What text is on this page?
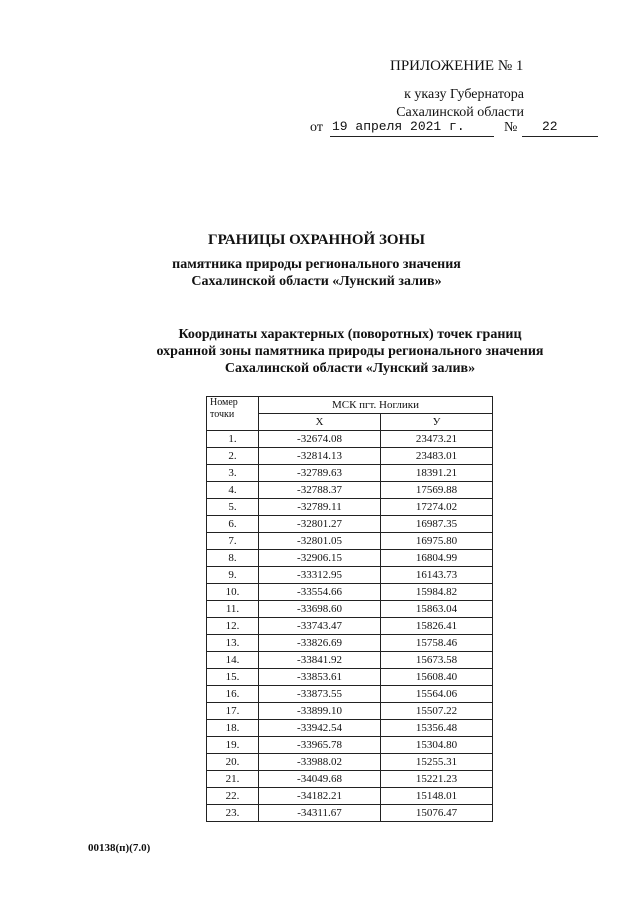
ПРИЛОЖЕНИЕ № 1
к указу Губернатора
Сахалинской области
от 19 апреля 2021 г.	№ 22
ГРАНИЦЫ ОХРАННОЙ ЗОНЫ
памятника природы регионального значения
Сахалинской области «Лунский залив»
Координаты характерных (поворотных) точек границ
охранной зоны памятника природы регионального значения
Сахалинской области «Лунский залив»
Номер
точки	МСК пгт. Ноглики	
	X	У
1.	-32674.08	23473.21
2.	-32814.13	23483.01
3.	-32789.63	18391.21
4.	-32788.37	17569.88
5.	-32789.11	17274.02
6.	-32801.27	16987.35
7.	-32801.05	16975.80
8.	-32906.15	16804.99
9.	-33312.95	16143.73
10.	-33554.66	15984.82
11.	-33698.60	15863.04
12.	-33743.47	15826.41
13.	-33826.69	15758.46
14.	-33841.92	15673.58
15.	-33853.61	15608.40
16.	-33873.55	15564.06
17.	-33899.10	15507.22
18.	-33942.54	15356.48
19.	-33965.78	15304.80
20.	-33988.02	15255.31
21.	-34049.68	15221.23
22.	-34182.21	15148.01
23.	-34311.67	15076.47
00138(п)(7.0)
